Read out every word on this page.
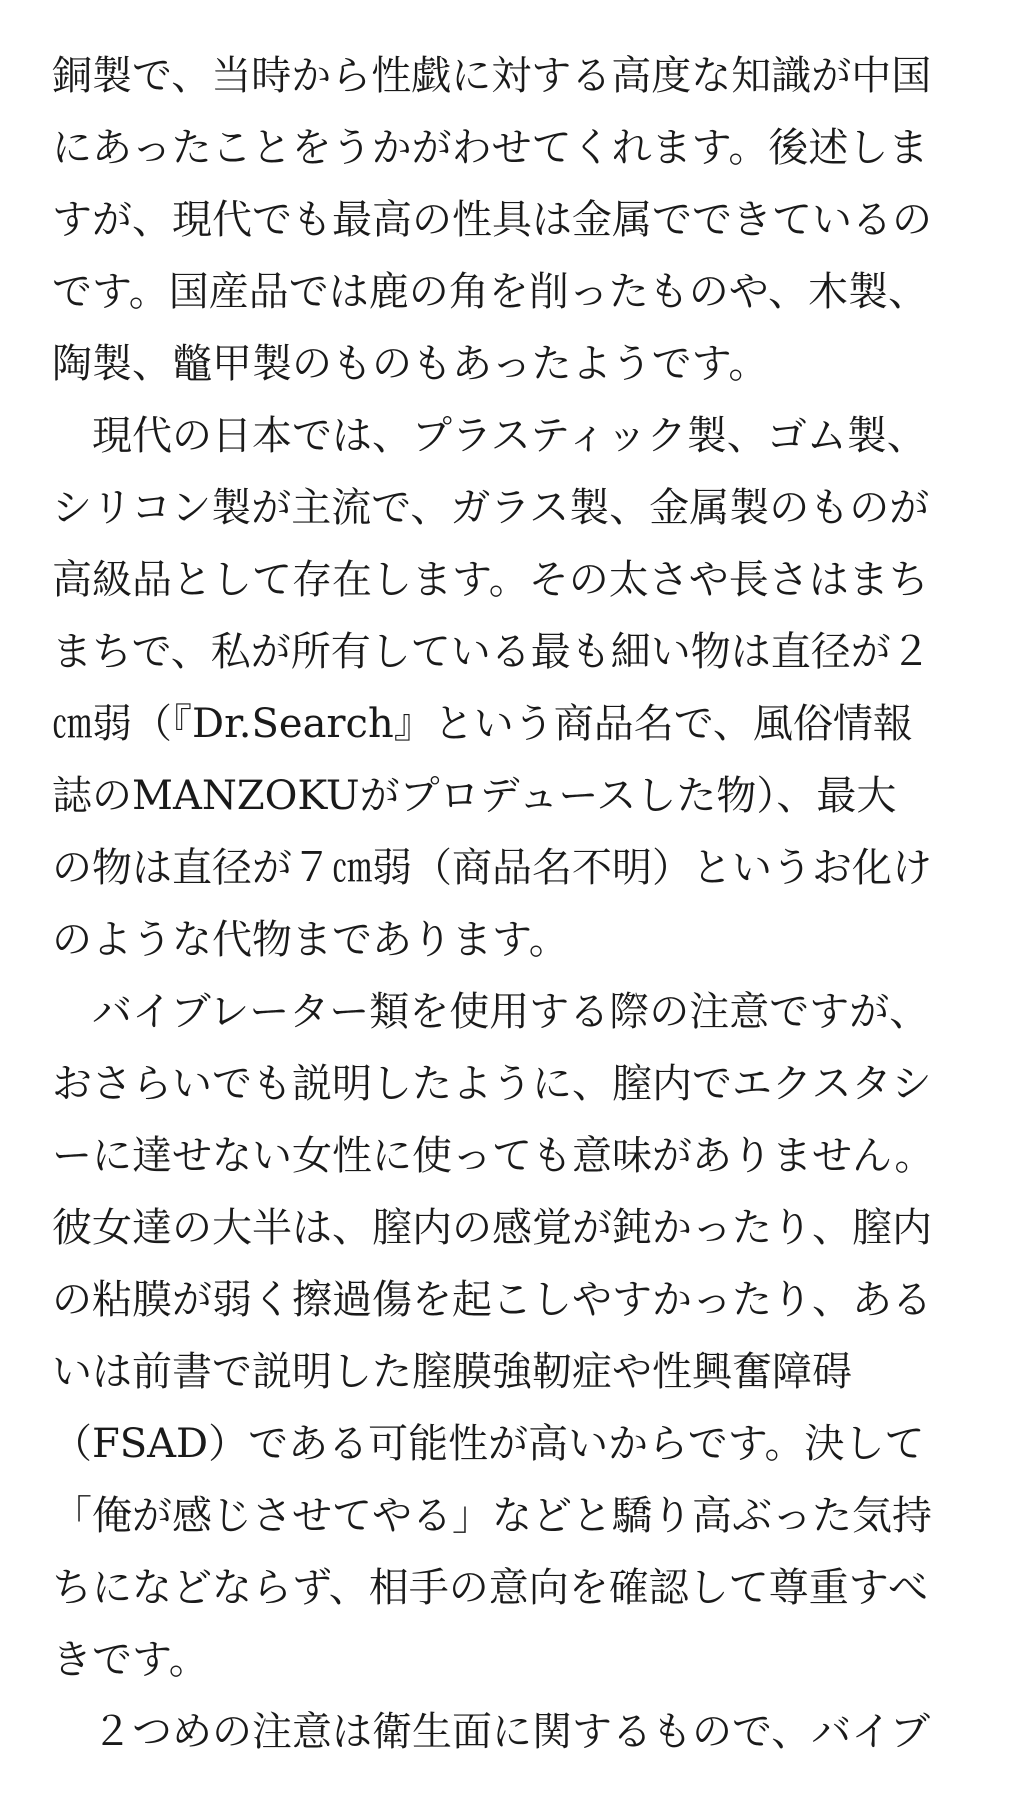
銅製で、当時から性戯に対する高度な知識が中国
にあったことをうかがわせてくれます。後述しま
すが、現代でも最高の性具は金属でできているの
です。国産品では鹿の角を削ったものや、木製、
陶製、鼈甲製のものもあったようです。
　現代の日本では、プラスティック製、ゴム製、
シリコン製が主流で、ガラス製、金属製のものが
高級品として存在します。その太さや長さはまち
まちで、私が所有している最も細い物は直径が２
㎝弱（『Dr.Search』という商品名で、風俗情報
誌のMANZOKUがプロデュースした物）、最大
の物は直径が７㎝弱（商品名不明）というお化け
のような代物まであります。
　バイブレーター類を使用する際の注意ですが、
おさらいでも説明したように、膣内でエクスタシ
ーに達せない女性に使っても意味がありません。
彼女達の大半は、膣内の感覚が鈍かったり、膣内
の粘膜が弱く擦過傷を起こしやすかったり、ある
いは前書で説明した膣膜強靭症や性興奮障碍
（FSAD）である可能性が高いからです。決して
「俺が感じさせてやる」などと驕り高ぶった気持
ちになどならず、相手の意向を確認して尊重すべ
きです。
　２つめの注意は衛生面に関するもので、バイブ
